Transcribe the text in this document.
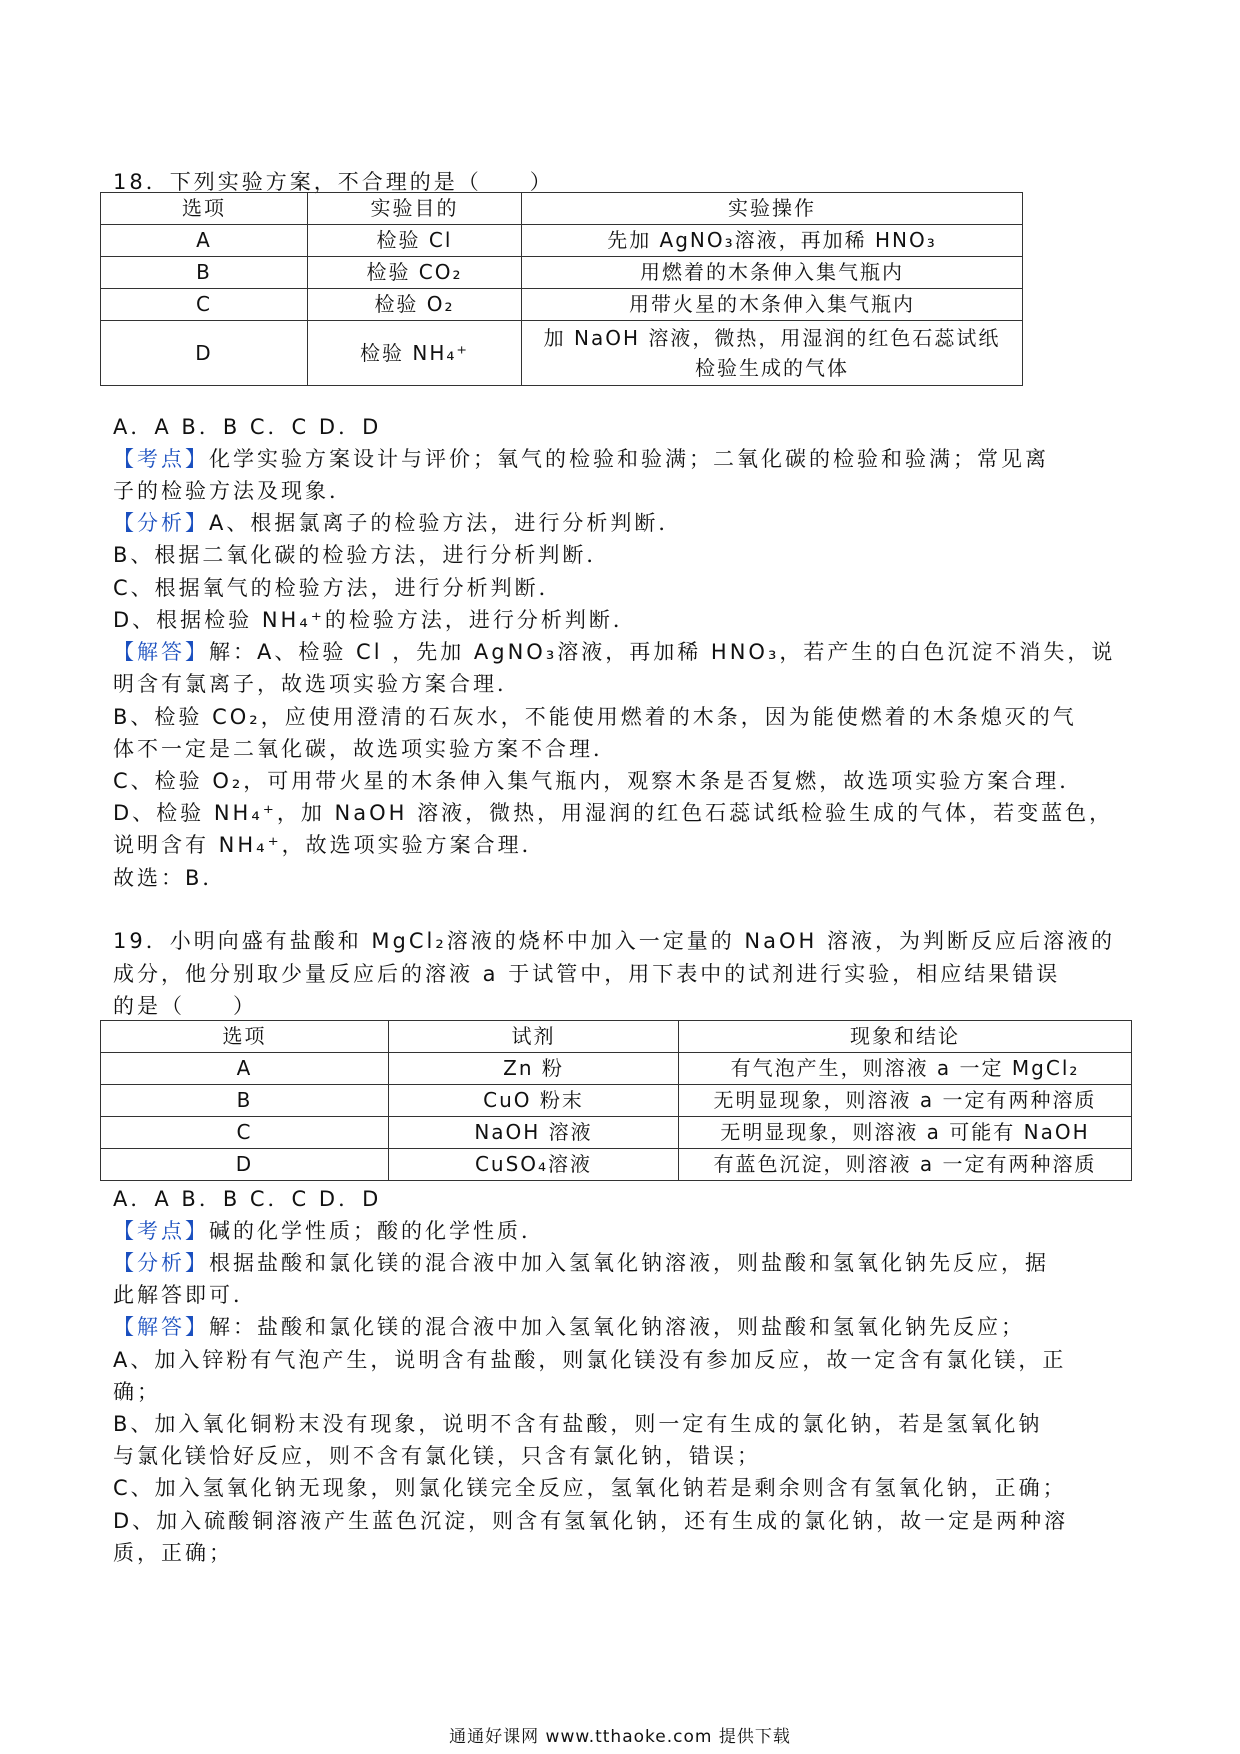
18．下列实验方案，不合理的是（　　）
选项	实验目的	实验操作
A	检验 Cl	先加 AgNO₃溶液，再加稀 HNO₃
B	检验 CO₂	用燃着的木条伸入集气瓶内
C	检验 O₂	用带火星的木条伸入集气瓶内
D	检验 NH₄⁺	加 NaOH 溶液，微热，用湿润的红色石蕊试纸检验生成的气体
A．A B．B C．C D．D
【考点】化学实验方案设计与评价；氧气的检验和验满；二氧化碳的检验和验满；常见离
子的检验方法及现象．
【分析】A、根据氯离子的检验方法，进行分析判断．
B、根据二氧化碳的检验方法，进行分析判断．
C、根据氧气的检验方法，进行分析判断．
D、根据检验 NH₄⁺的检验方法，进行分析判断．
【解答】解：A、检验 Cl ，先加 AgNO₃溶液，再加稀 HNO₃，若产生的白色沉淀不消失，说
明含有氯离子，故选项实验方案合理．
B、检验 CO₂，应使用澄清的石灰水，不能使用燃着的木条，因为能使燃着的木条熄灭的气
体不一定是二氧化碳，故选项实验方案不合理．
C、检验 O₂，可用带火星的木条伸入集气瓶内，观察木条是否复燃，故选项实验方案合理．
D、检验 NH₄⁺，加 NaOH 溶液，微热，用湿润的红色石蕊试纸检验生成的气体，若变蓝色，
说明含有 NH₄⁺，故选项实验方案合理．
故选：B．
19．小明向盛有盐酸和 MgCl₂溶液的烧杯中加入一定量的 NaOH 溶液，为判断反应后溶液的
成分，他分别取少量反应后的溶液 a 于试管中，用下表中的试剂进行实验，相应结果错误
的是（　　）
选项	试剂	现象和结论
A	Zn 粉	有气泡产生，则溶液 a 一定 MgCl₂
B	CuO 粉末	无明显现象，则溶液 a 一定有两种溶质
C	NaOH 溶液	无明显现象，则溶液 a 可能有 NaOH
D	CuSO₄溶液	有蓝色沉淀，则溶液 a 一定有两种溶质
A．A B．B C．C D．D
【考点】碱的化学性质；酸的化学性质．
【分析】根据盐酸和氯化镁的混合液中加入氢氧化钠溶液，则盐酸和氢氧化钠先反应，据
此解答即可．
【解答】解：盐酸和氯化镁的混合液中加入氢氧化钠溶液，则盐酸和氢氧化钠先反应；
A、加入锌粉有气泡产生，说明含有盐酸，则氯化镁没有参加反应，故一定含有氯化镁，正
确；
B、加入氧化铜粉末没有现象，说明不含有盐酸，则一定有生成的氯化钠，若是氢氧化钠
与氯化镁恰好反应，则不含有氯化镁，只含有氯化钠，错误；
C、加入氢氧化钠无现象，则氯化镁完全反应，氢氧化钠若是剩余则含有氢氧化钠，正确；
D、加入硫酸铜溶液产生蓝色沉淀，则含有氢氧化钠，还有生成的氯化钠，故一定是两种溶
质，正确；
通通好课网 www.tthaoke.com 提供下载
